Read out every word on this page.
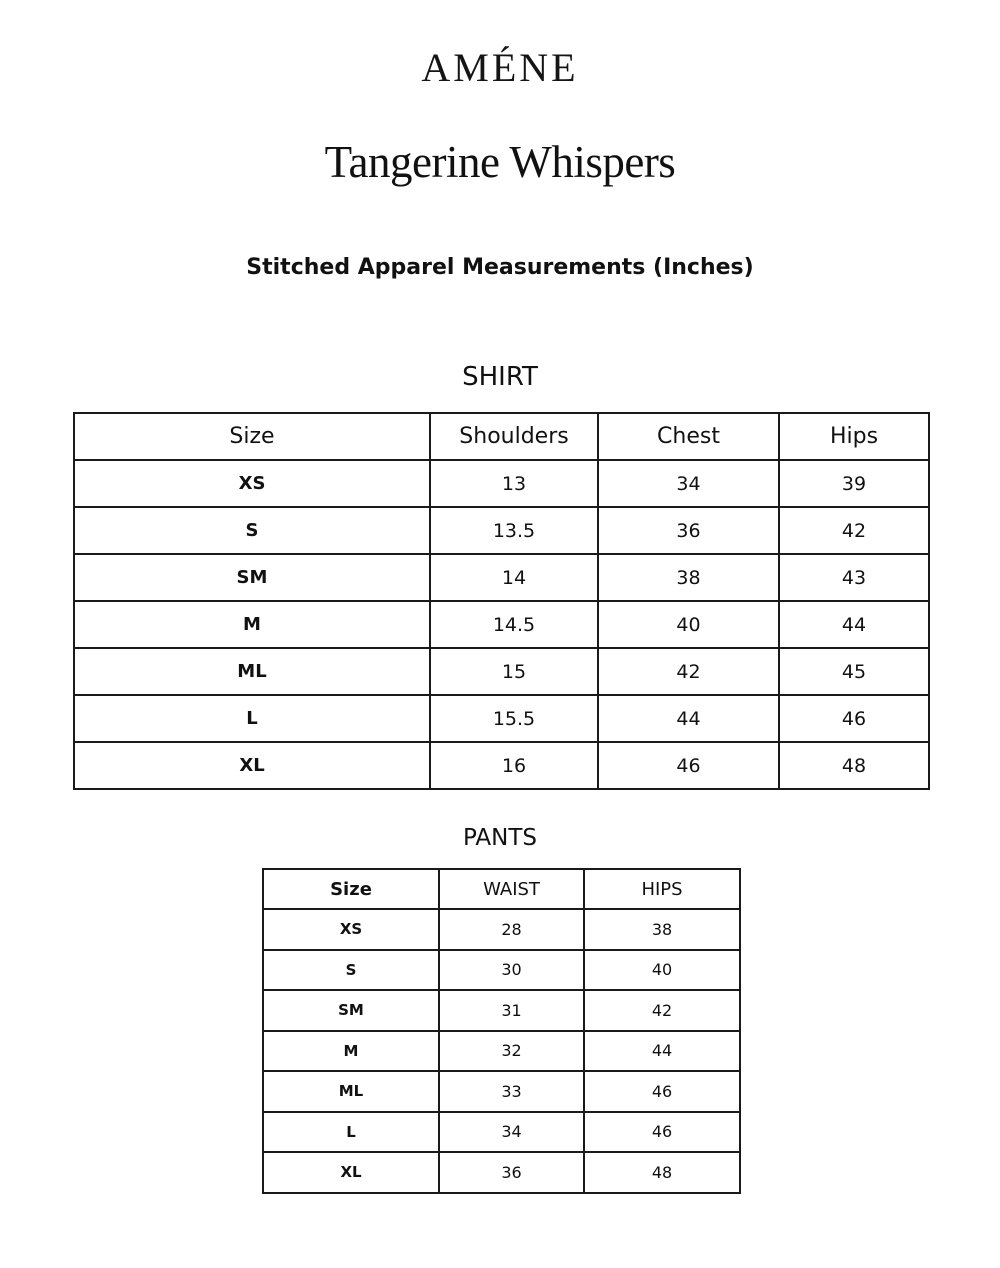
AMÉNE
Tangerine Whispers
Stitched Apparel Measurements (Inches)
SHIRT
Size	Shoulders	Chest	Hips
XS	13	34	39
S	13.5	36	42
SM	14	38	43
M	14.5	40	44
ML	15	42	45
L	15.5	44	46
XL	16	46	48
PANTS
Size	WAIST	HIPS
XS	28	38
S	30	40
SM	31	42
M	32	44
ML	33	46
L	34	46
XL	36	48
